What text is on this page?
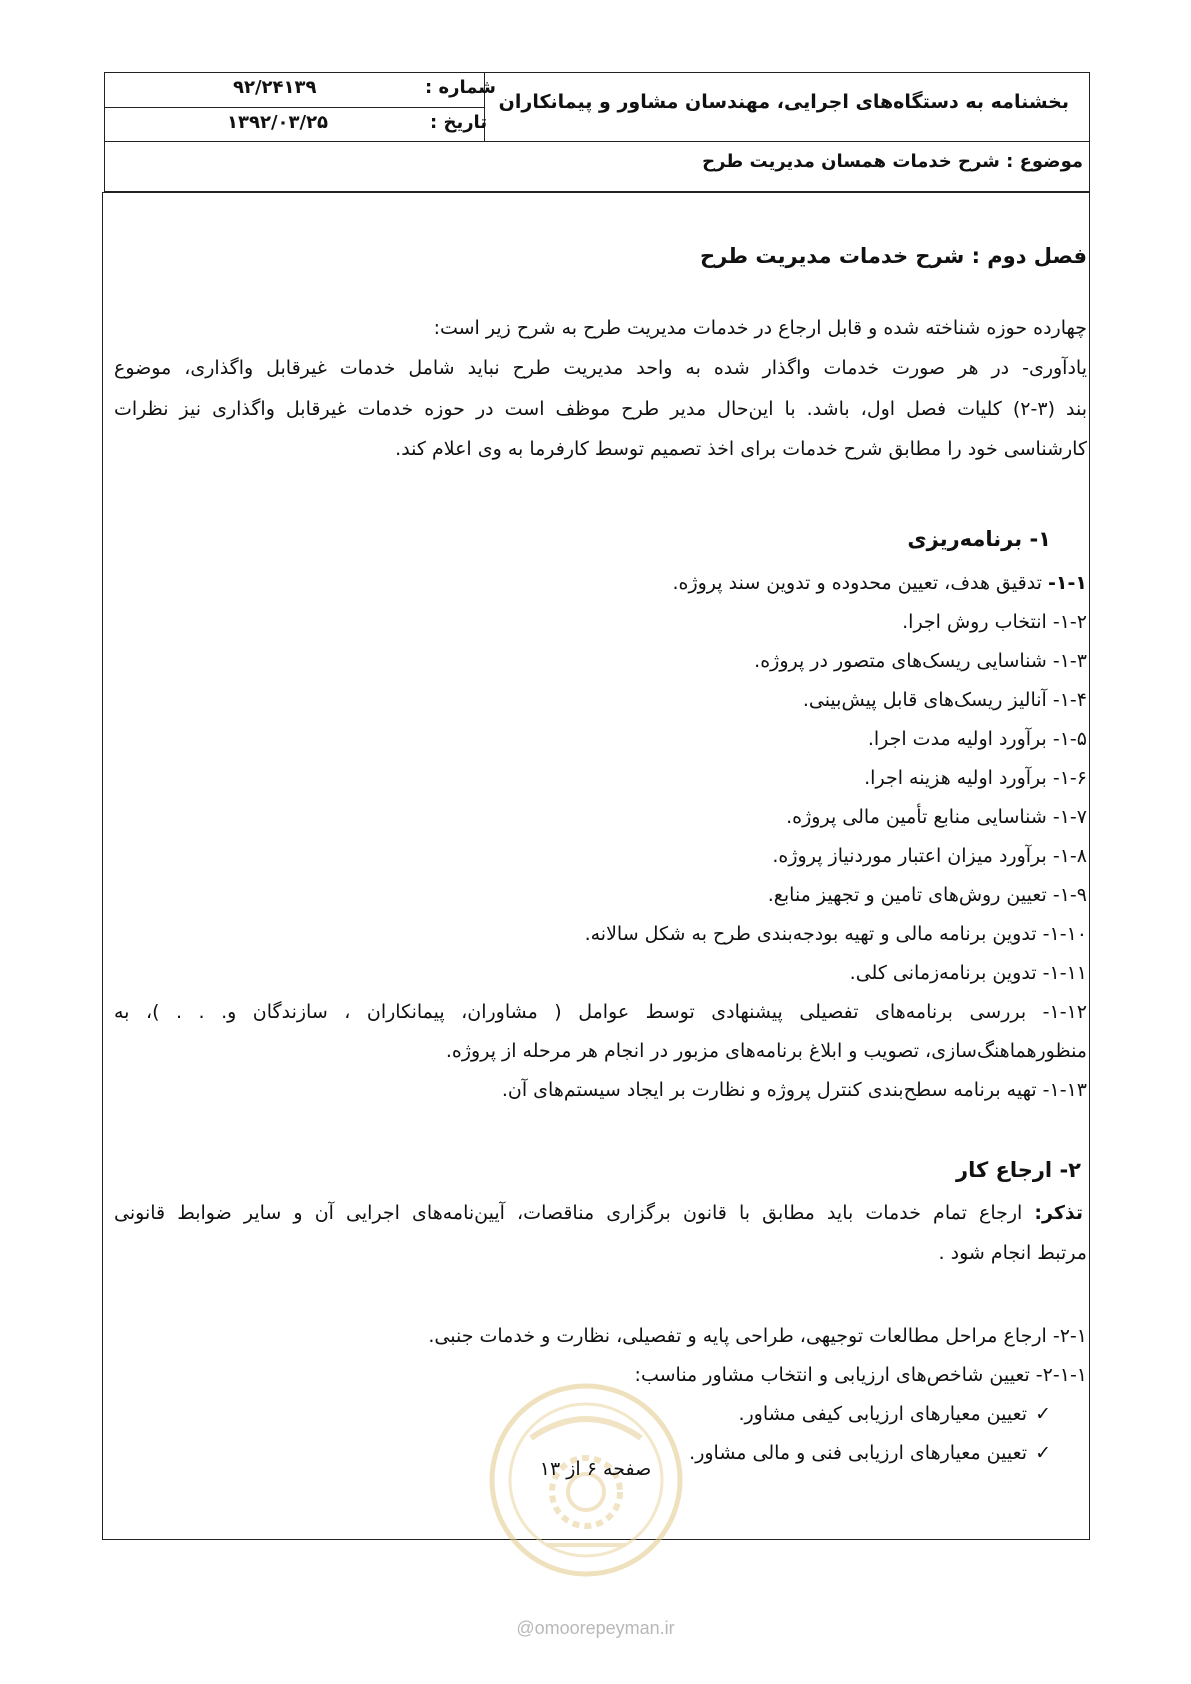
بخشنامه به دستگاه‌های اجرایی، مهندسان مشاور و پیمانکاران
شماره :
۹۲/۲۴۱۳۹
تاریخ :
۱۳۹۲/۰۳/۲۵
موضوع : شرح خدمات همسان مدیریت طرح
فصل دوم : شرح خدمات مدیریت طرح
چهارده حوزه شناخته شده و قابل ارجاع در خدمات مدیریت طرح به شرح زیر است:
یادآوری- در هر صورت خدمات واگذار شده به واحد مدیریت طرح نباید شامل خدمات غیرقابل واگذاری، موضوع
بند (۳-۲) کلیات فصل اول، باشد. با این‌حال مدیر طرح موظف است در حوزه خدمات غیرقابل واگذاری نیز نظرات
کارشناسی خود را مطابق شرح خدمات برای اخذ تصمیم توسط کارفرما به وی اعلام کند.
۱- برنامه‌ریزی
۱-۱- تدقیق هدف، تعیین محدوده و تدوین سند پروژه.
۱-۲- انتخاب روش اجرا.
۱-۳- شناسایی ریسک‌های متصور در پروژه.
۱-۴- آنالیز ریسک‌های قابل پیش‌بینی.
۱-۵- برآورد اولیه مدت اجرا.
۱-۶- برآورد اولیه هزینه اجرا.
۱-۷- شناسایی منابع تأمین مالی پروژه.
۱-۸- برآورد میزان اعتبار موردنیاز پروژه.
۱-۹- تعیین روش‌های تامین و تجهیز منابع.
۱-۱۰- تدوین برنامه مالی و تهیه بودجه‌بندی طرح به شکل سالانه.
۱-۱۱- تدوین برنامه‌زمانی کلی.
۱-۱۲- بررسی برنامه‌های تفصیلی پیشنهادی توسط عوامل ( مشاوران، پیمانکاران ، سازندگان و. . . )، به
منظورهماهنگ‌سازی، تصویب و ابلاغ برنامه‌های مزبور در انجام هر مرحله از پروژه.
۱-۱۳- تهیه برنامه سطح‌بندی کنترل پروژه و نظارت بر ایجاد سیستم‌های آن.
۲- ارجاع کار
تذکر: ارجاع تمام خدمات باید مطابق با قانون برگزاری مناقصات، آیین‌نامه‌های اجرایی آن و سایر ضوابط قانونی
مرتبط انجام شود .
۲-۱- ارجاع مراحل مطالعات توجیهی، طراحی پایه و تفصیلی، نظارت و خدمات جنبی.
۲-۱-۱- تعیین شاخص‌های ارزیابی و انتخاب مشاور مناسب:
✓تعیین معیارهای ارزیابی کیفی مشاور.
✓تعیین معیارهای ارزیابی فنی و مالی مشاور.
صفحه ۶ از ۱۳
@omoorepeyman.ir
